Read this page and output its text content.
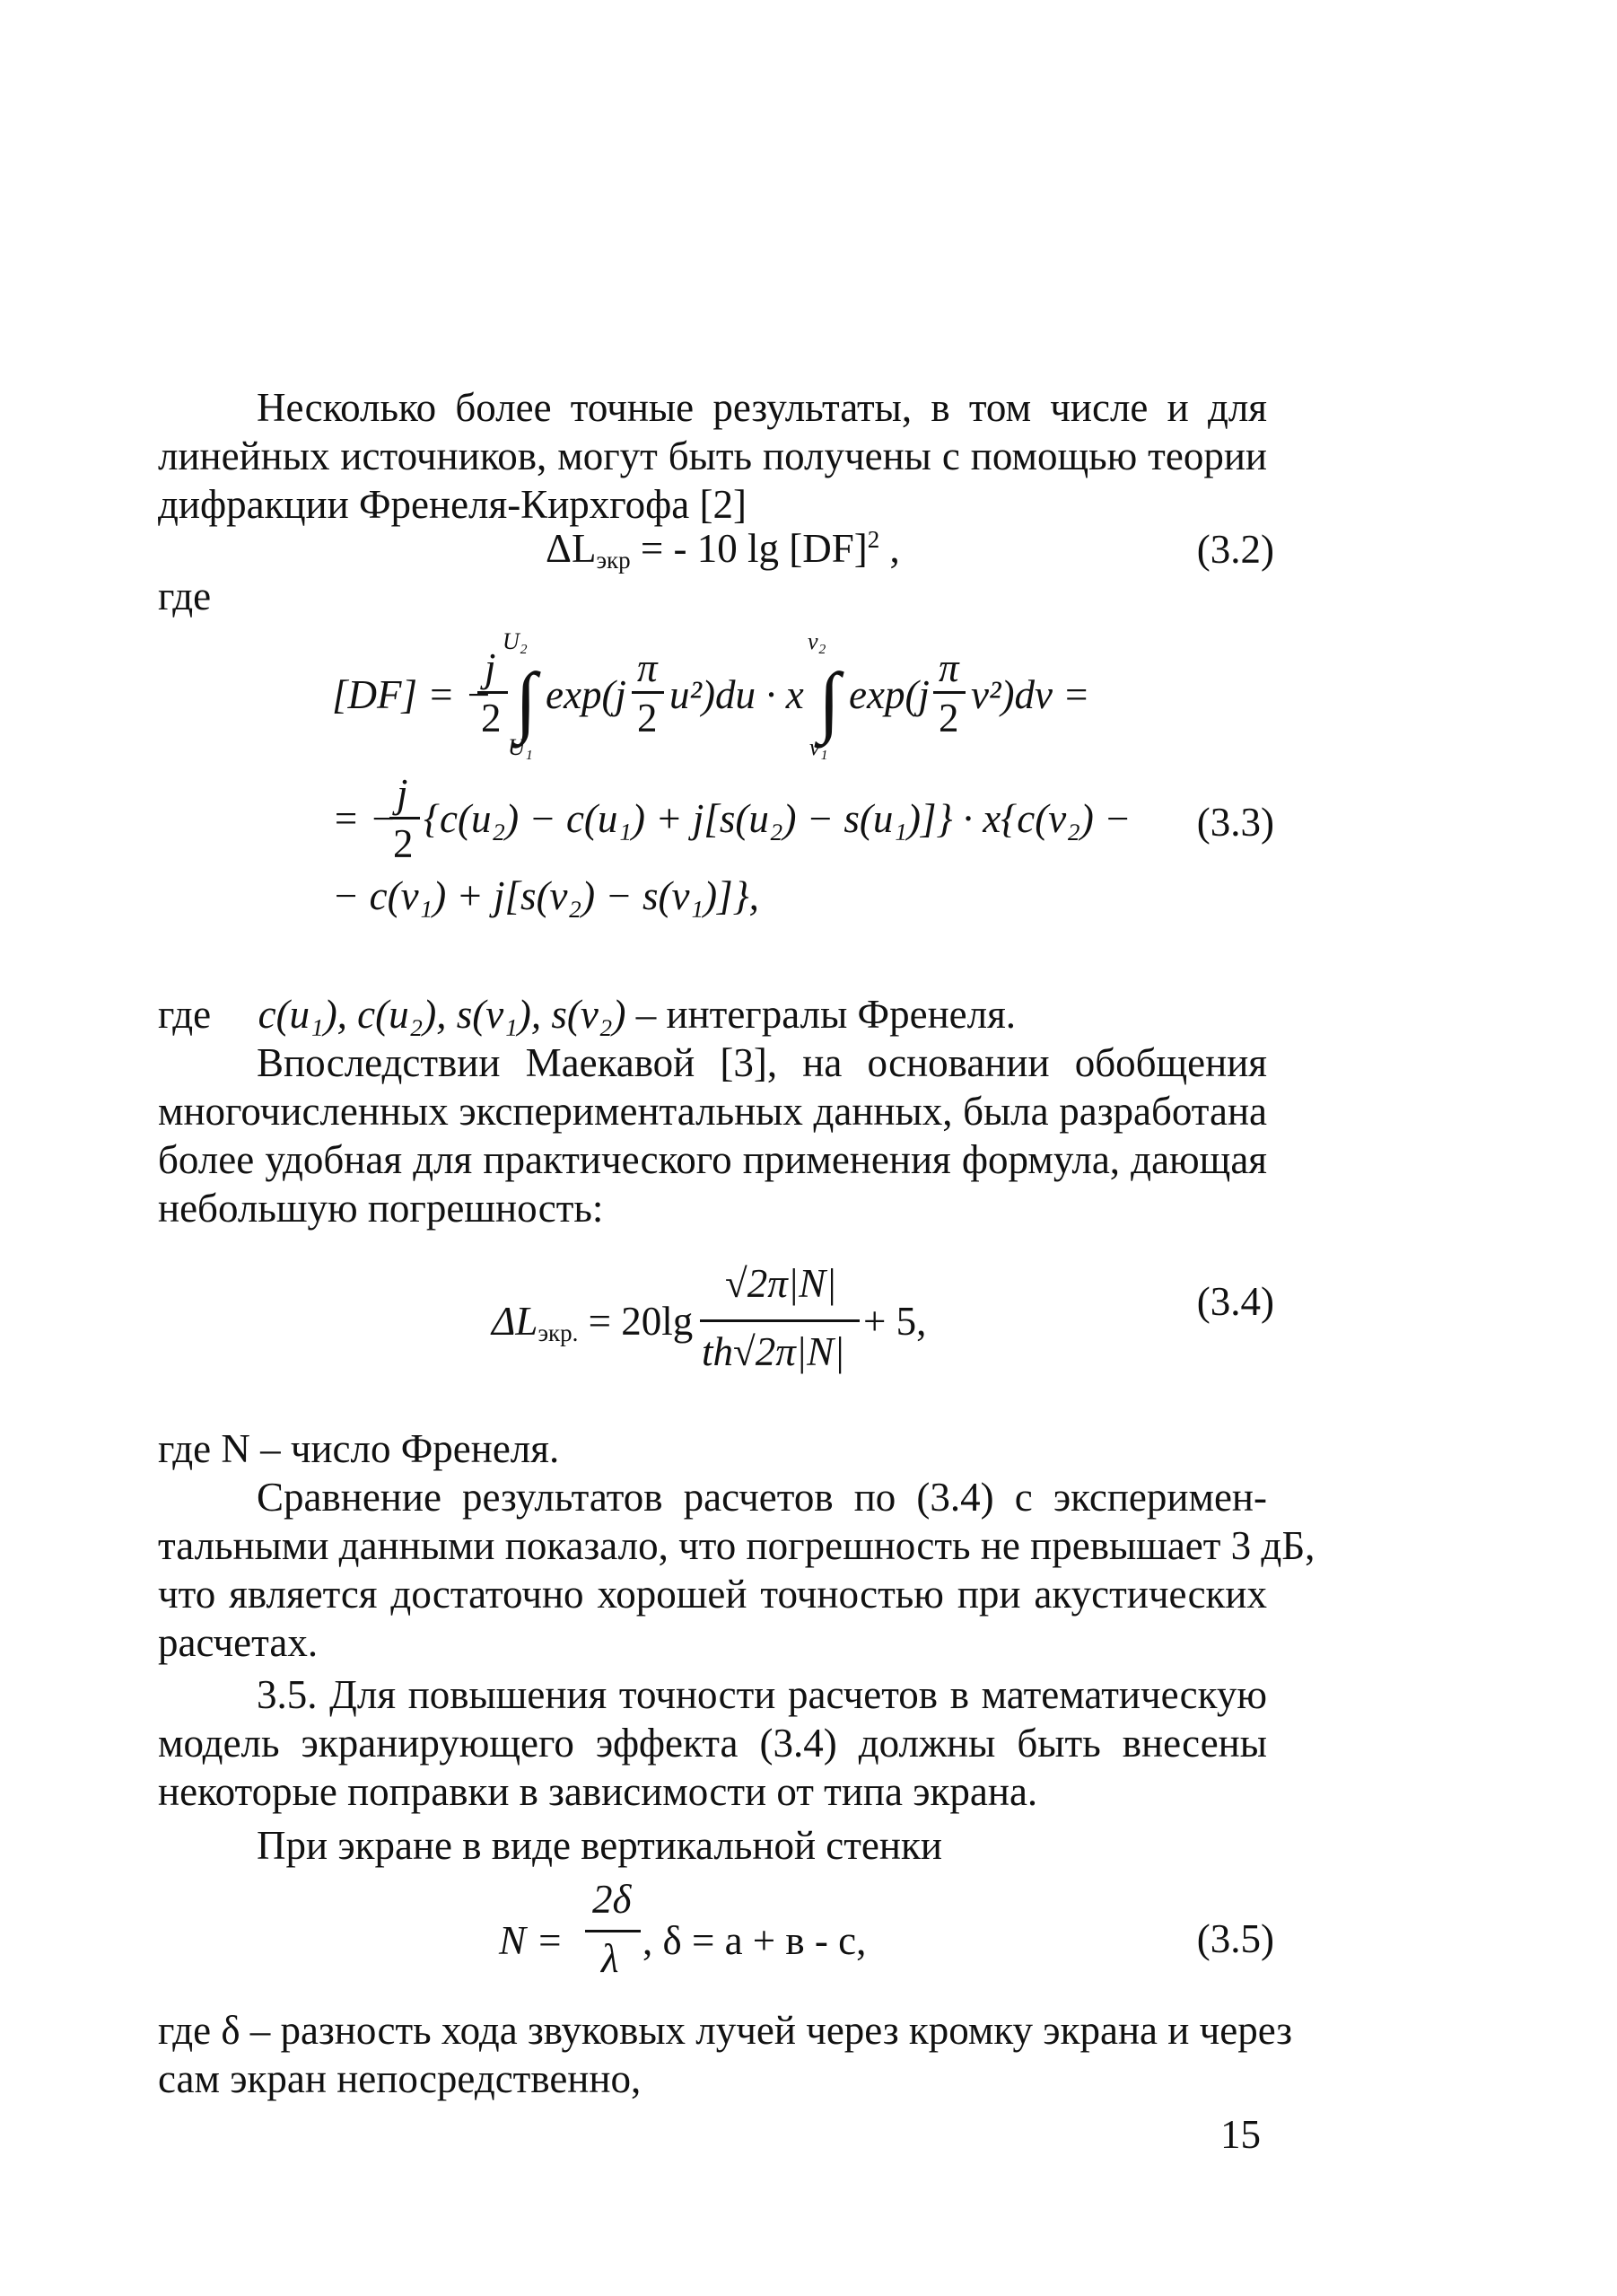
Несколько более точные результаты, в том числе и для
линейных источников, могут быть получены с помощью теории
дифракции Френеля-Кирхгофа [2]
$\Delta L_{экр}$ = - 10 lg [DF]$^2$ ,	(3.2)
где
[DF] = −
j
2 ∫
U₂
U₁
exp(j
π
2
u²)du · x ∫
v₂
v₁
exp(j
π
2
v²)dv =
= −
j
2
{c(u₂) − c(u₁) + j[s(u₂) − s(u₁)]} · x{c(v₂) −	(3.3)
− c(v₁) + j[s(v₂) − s(v₁)]},
где c(u₁), c(u₂), s(v₁), s(v₂) – интегралы Френеля.
Впоследствии Маекавой [3], на основании обобщения
многочисленных экспериментальных данных, была разработана
более удобная для практического применения формула, дающая
небольшую погрешность:
$\Delta L_{экр.} = 20\lg$
√2π|N|
th√2π|N|
+ 5,	(3.4)
где N – число Френеля.
Сравнение результатов расчетов по (3.4) с эксперимен-
тальными данными показало, что погрешность не превышает 3 дБ,
что является достаточно хорошей точностью при акустических
расчетах.
3.5. Для повышения точности расчетов в математическую
модель экранирующего эффекта (3.4) должны быть внесены
некоторые поправки в зависимости от типа экрана.
При экране в виде вертикальной стенки
N =
2δ
λ , δ = а + в - с,	(3.5)
где δ – разность хода звуковых лучей через кромку экрана и через
сам экран непосредственно,
15
